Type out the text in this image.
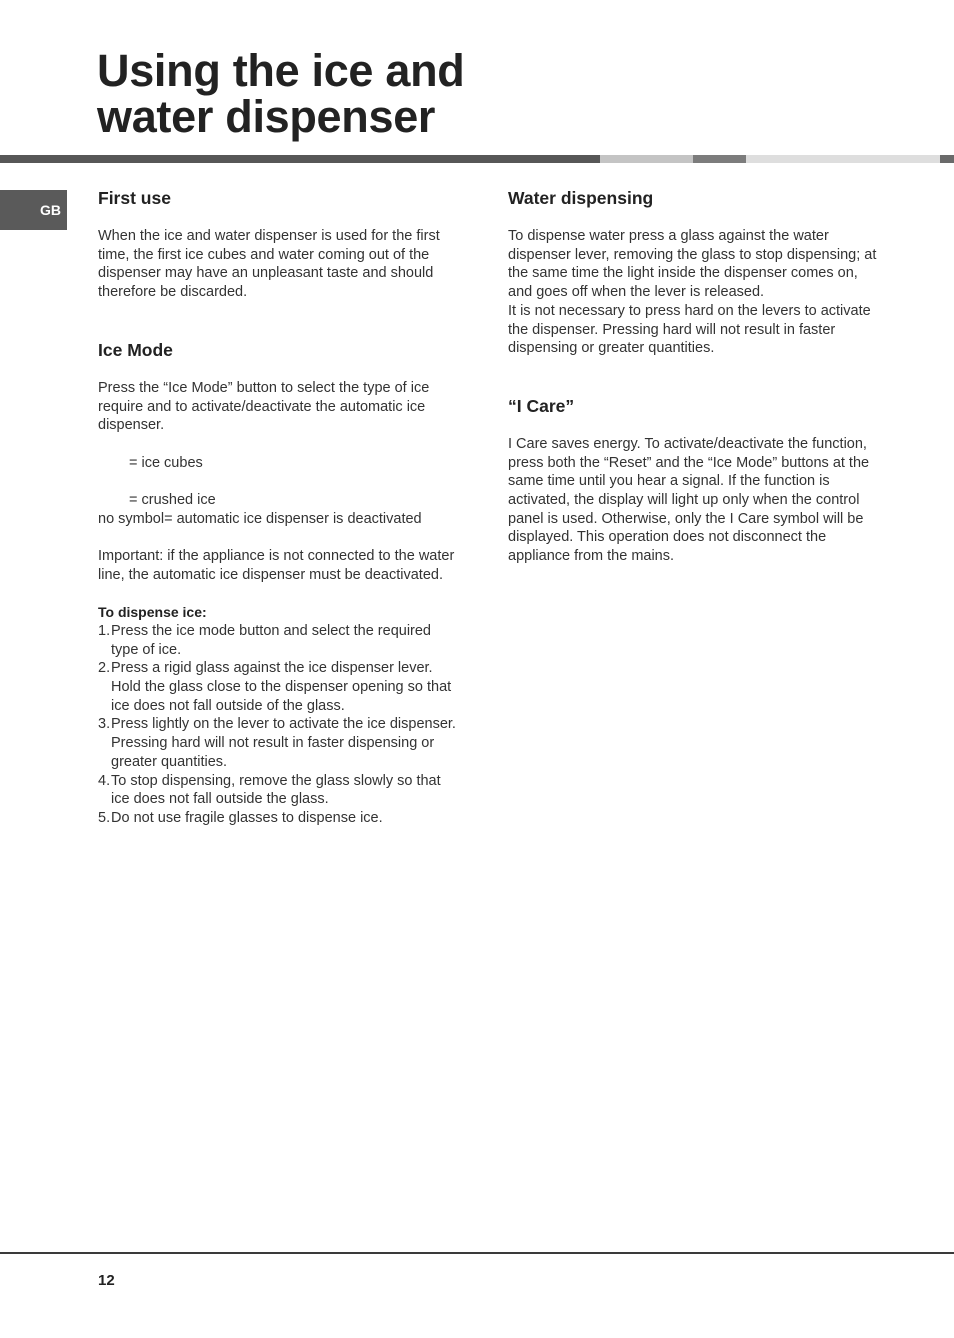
Using the ice and
water dispenser
GB
First use

When the ice and water dispenser is used for the first time, the first ice cubes and water coming out of the dispenser may have an unpleasant taste and should therefore be discarded.

Ice Mode

Press the “Ice Mode” button to select the type of ice require and to activate/deactivate the automatic ice dispenser.

= ice cubes

= crushed ice

no symbol= automatic ice dispenser is deactivated

Important: if the appliance is not connected to the water line, the automatic ice dispenser must be deactivated.

To dispense ice:

1. Press the ice mode button and select the required type of ice.
2. Press a rigid glass against the ice dispenser lever. Hold the glass close to the dispenser opening so that ice does not fall outside of the glass.
3. Press lightly on the lever to activate the ice dispenser. Pressing hard will not result in faster dispensing or greater quantities.
4. To stop dispensing, remove the glass slowly so that ice does not fall outside the glass.
5. Do not use fragile glasses to dispense ice.
Water dispensing

To dispense water press a glass against the water dispenser lever, removing the glass to stop dispensing; at the same time the light inside the dispenser comes on, and goes off when the lever is released.

It is not necessary to press hard on the levers to activate the dispenser. Pressing hard will not result in faster dispensing or greater quantities.

“I Care”

I Care saves energy. To activate/deactivate the function, press both the “Reset” and the “Ice Mode” buttons at the same time until you hear a signal. If the function is activated, the display will light up only when the control panel is used. Otherwise, only the I Care symbol will be displayed. This operation does not disconnect the appliance from the mains.

12
